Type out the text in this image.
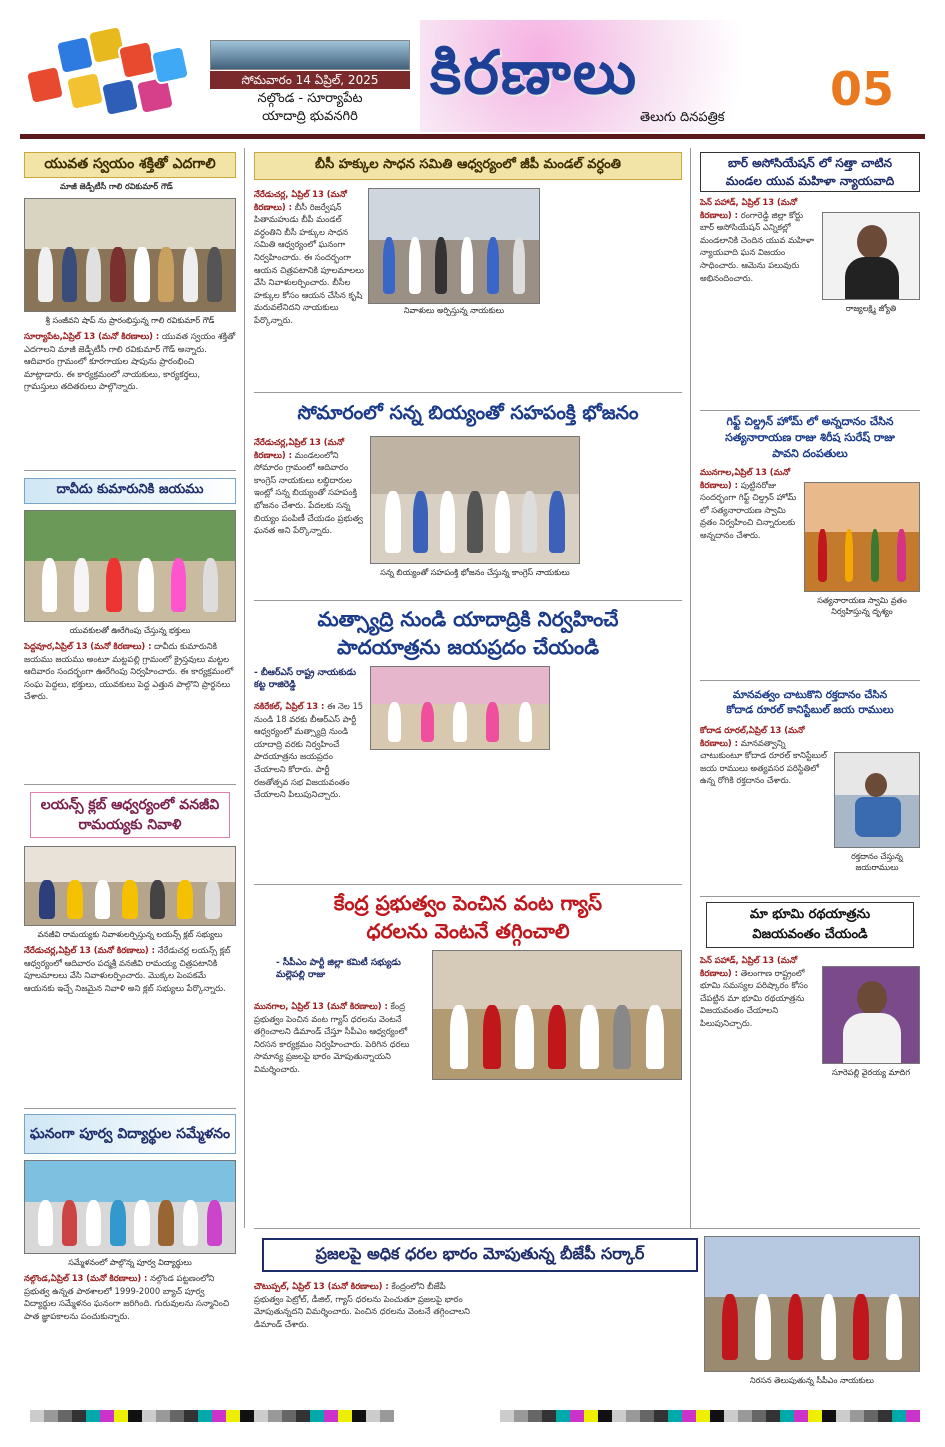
సోమవారం 14 ఏప్రిల్, 2025
నల్గొండ - సూర్యాపేట
యాదాద్రి భువనగిరి
కిరణాలు
తెలుగు దినపత్రిక
05
యువత స్వయం శక్తితో ఎదగాలి
మాజీ జెడ్పీటీసీ గాలి రవికుమార్ గౌడ్
శ్రీ సంజీవని షాప్ ను ప్రారంభిస్తున్న గాలి రవికుమార్ గౌడ్
సూర్యాపేట,ఏప్రిల్ 13 (మనో కిరణాలు) : యువత స్వయం శక్తితో ఎదగాలని మాజీ జెడ్పీటీసీ గాలి రవికుమార్ గౌడ్ అన్నారు. ఆదివారం గ్రామంలో కూరగాయల షాపును ప్రారంభించి మాట్లాడారు. ఈ కార్యక్రమంలో నాయకులు, కార్యకర్తలు, గ్రామస్తులు తదితరులు పాల్గొన్నారు.
దావీదు కుమారునికి జయము
యువకులతో ఊరేగింపు చేస్తున్న భక్తులు
పెద్దవూర,ఏప్రిల్ 13 (మనో కిరణాలు) : దావీదు కుమారునికి జయము జయము అంటూ మట్టపల్లి గ్రామంలో క్రైస్తవులు మట్టల ఆదివారం సందర్భంగా ఊరేగింపు నిర్వహించారు. ఈ కార్యక్రమంలో సంఘ పెద్దలు, భక్తులు, యువకులు పెద్ద ఎత్తున పాల్గొని ప్రార్థనలు చేశారు.
లయన్స్ క్లబ్ ఆధ్వర్యంలో వనజీవి రామయ్యకు నివాళి
వనజీవి రామయ్యకు నివాళులర్పిస్తున్న లయన్స్ క్లబ్ సభ్యులు
నేరేడుచర్ల,ఏప్రిల్ 13 (మనో కిరణాలు) : నేరేడుచర్ల లయన్స్ క్లబ్ ఆధ్వర్యంలో ఆదివారం పద్మశ్రీ వనజీవి రామయ్య చిత్రపటానికి పూలమాలలు వేసి నివాళులర్పించారు. మొక్కల పెంపకమే ఆయనకు ఇచ్చే నిజమైన నివాళి అని క్లబ్ సభ్యులు పేర్కొన్నారు.
ఘనంగా పూర్వ విద్యార్థుల సమ్మేళనం
సమ్మేళనంలో పాల్గొన్న పూర్వ విద్యార్థులు
నల్గొండ,ఏప్రిల్ 13 (మనో కిరణాలు) : నల్గొండ పట్టణంలోని ప్రభుత్వ ఉన్నత పాఠశాలలో 1999-2000 బ్యాచ్ పూర్వ విద్యార్థుల సమ్మేళనం ఘనంగా జరిగింది. గురువులను సన్మానించి పాత జ్ఞాపకాలను పంచుకున్నారు.
బీసీ హక్కుల సాధన సమితి ఆధ్వర్యంలో జీపీ మండల్ వర్ధంతి
నేరేడుచర్ల, ఏప్రిల్ 13 (మనో కిరణాలు) : బీసీ రిజర్వేషన్ పితామహుడు బీపీ మండల్ వర్ధంతిని బీసీ హక్కుల సాధన సమితి ఆధ్వర్యంలో ఘనంగా నిర్వహించారు. ఈ సందర్భంగా ఆయన చిత్రపటానికి పూలమాలలు వేసి నివాళులర్పించారు. బీసీల హక్కుల కోసం ఆయన చేసిన కృషి మరువలేనిదని నాయకులు పేర్కొన్నారు.
నివాళులు అర్పిస్తున్న నాయకులు
సోమారంలో సన్న బియ్యంతో సహపంక్తి భోజనం
నేరేడుచర్ల,ఏప్రిల్ 13 (మనో కిరణాలు) : మండలంలోని సోమారం గ్రామంలో ఆదివారం కాంగ్రెస్ నాయకులు లబ్ధిదారుల ఇంట్లో సన్న బియ్యంతో సహపంక్తి భోజనం చేశారు. పేదలకు సన్న బియ్యం పంపిణీ చేయడం ప్రభుత్వ ఘనత అని పేర్కొన్నారు.
సన్న బియ్యంతో సహపంక్తి భోజనం చేస్తున్న కాంగ్రెస్ నాయకులు
మత్స్యాద్రి నుండి యాదాద్రికి నిర్వహించే
పాదయాత్రను జయప్రదం చేయండి
- బీఆర్ఎస్ రాష్ట్ర నాయకుడు కట్ట రాజిరెడ్డి
నకిరేకల్, ఏప్రిల్ 13 : ఈ నెల 15 నుండి 18 వరకు బీఆర్ఎస్ పార్టీ ఆధ్వర్యంలో మత్స్యాద్రి నుండి యాదాద్రి వరకు నిర్వహించే పాదయాత్రను జయప్రదం చేయాలని కోరారు. పార్టీ రజతోత్సవ సభ విజయవంతం చేయాలని పిలుపునిచ్చారు.
కేంద్ర ప్రభుత్వం పెంచిన వంట గ్యాస్
ధరలను వెంటనే తగ్గించాలి
- సీపీఎం పార్టీ జిల్లా కమిటీ సభ్యుడు మల్లెపల్లి రాజు
మునగాల, ఏప్రిల్ 13 (మనో కిరణాలు) : కేంద్ర ప్రభుత్వం పెంచిన వంట గ్యాస్ ధరలను వెంటనే తగ్గించాలని డిమాండ్ చేస్తూ సీపీఎం ఆధ్వర్యంలో నిరసన కార్యక్రమం నిర్వహించారు. పెరిగిన ధరలు సామాన్య ప్రజలపై భారం మోపుతున్నాయని విమర్శించారు.
బార్ అసోసియేషన్ లో సత్తా చాటిన
మండల యువ మహిళా న్యాయవాది
పెన్ పహాడ్, ఏప్రిల్ 13 (మనో కిరణాలు) : రంగారెడ్డి జిల్లా కోర్టు బార్ అసోసియేషన్ ఎన్నికల్లో మండలానికి చెందిన యువ మహిళా న్యాయవాది ఘన విజయం సాధించారు. ఆమెను పలువురు అభినందించారు.
రాజ్యలక్ష్మి జ్యోతి
గిఫ్ట్ చిల్డ్రన్ హోమ్ లో అన్నదానం చేసిన
సత్యనారాయణ రాజు శిరీష సురేష్ రాజు
పావని దంపతులు
మునగాల,ఏప్రిల్ 13 (మనో కిరణాలు) : పుట్టినరోజు సందర్భంగా గిఫ్ట్ చిల్డ్రన్ హోమ్ లో సత్యనారాయణ స్వామి వ్రతం నిర్వహించి చిన్నారులకు అన్నదానం చేశారు.
సత్యనారాయణ స్వామి వ్రతం నిర్వహిస్తున్న దృశ్యం
మానవత్వం చాటుకొని రక్తదానం చేసిన
కోదాడ రూరల్ కానిస్టేబుల్ జయ రాములు
కోదాడ రూరల్,ఏప్రిల్ 13 (మనో కిరణాలు) : మానవత్వాన్ని చాటుకుంటూ కోదాడ రూరల్ కానిస్టేబుల్ జయ రాములు అత్యవసర పరిస్థితిలో ఉన్న రోగికి రక్తదానం చేశారు.
రక్తదానం చేస్తున్న జయరాములు
మా భూమి రథయాత్రను
విజయవంతం చేయండి
పెన్ పహాడ్, ఏప్రిల్ 13 (మనో కిరణాలు) : తెలంగాణ రాష్ట్రంలో భూమి సమస్యల పరిష్కారం కోసం చేపట్టిన మా భూమి రథయాత్రను విజయవంతం చేయాలని పిలుపునిచ్చారు.
సూరెపల్లి వైరయ్య మాదిగ
ప్రజలపై అధిక ధరల భారం మోపుతున్న బీజేపీ సర్కార్
చౌటుప్పల్, ఏప్రిల్ 13 (మనో కిరణాలు) : కేంద్రంలోని బీజేపీ ప్రభుత్వం పెట్రోల్, డీజిల్, గ్యాస్ ధరలను పెంచుతూ ప్రజలపై భారం మోపుతున్నదని విమర్శించారు. పెంచిన ధరలను వెంటనే తగ్గించాలని డిమాండ్ చేశారు.
నిరసన తెలుపుతున్న సీపీఎం నాయకులు
